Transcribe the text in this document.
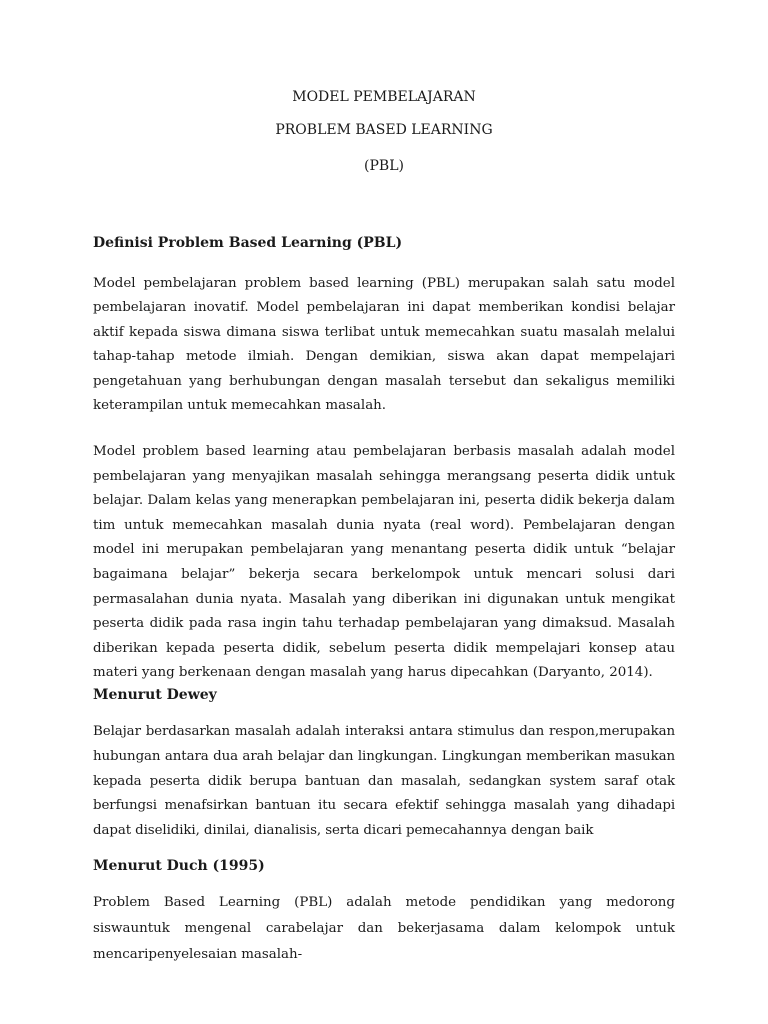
MODEL PEMBELAJARAN

PROBLEM BASED LEARNING

(PBL)

Definisi Problem Based Learning (PBL)

Model pembelajaran problem based learning (PBL) merupakan salah satu model pembelajaran inovatif. Model pembelajaran ini dapat memberikan kondisi belajar aktif kepada siswa dimana siswa terlibat untuk memecahkan suatu masalah melalui tahap-tahap metode ilmiah. Dengan demikian, siswa akan dapat mempelajari pengetahuan yang berhubungan dengan masalah tersebut dan sekaligus memiliki keterampilan untuk memecahkan masalah.

Model problem based learning atau pembelajaran berbasis masalah adalah model pembelajaran yang menyajikan masalah sehingga merangsang peserta didik untuk belajar. Dalam kelas yang menerapkan pembelajaran ini, peserta didik bekerja dalam tim untuk memecahkan masalah dunia nyata (real word). Pembelajaran dengan model ini merupakan pembelajaran yang menantang peserta didik untuk “belajar bagaimana belajar” bekerja secara berkelompok untuk mencari solusi dari permasalahan dunia nyata. Masalah yang diberikan ini digunakan untuk mengikat peserta didik pada rasa ingin tahu terhadap pembelajaran yang dimaksud. Masalah diberikan kepada peserta didik, sebelum peserta didik mempelajari konsep atau materi yang berkenaan dengan masalah yang harus dipecahkan (Daryanto, 2014).

Menurut Dewey

Belajar berdasarkan masalah adalah interaksi antara stimulus dan respon,merupakan hubungan antara dua arah belajar dan lingkungan. Lingkungan memberikan masukan kepada peserta didik berupa bantuan dan masalah, sedangkan system saraf otak berfungsi menafsirkan bantuan itu secara efektif sehingga masalah yang dihadapi dapat diselidiki, dinilai, dianalisis, serta dicari pemecahannya dengan baik

Menurut Duch (1995)

Problem Based Learning (PBL) adalah metode pendidikan yang medorong siswauntuk mengenal carabelajar dan bekerjasama dalam kelompok untuk mencaripenyelesaian masalah-
